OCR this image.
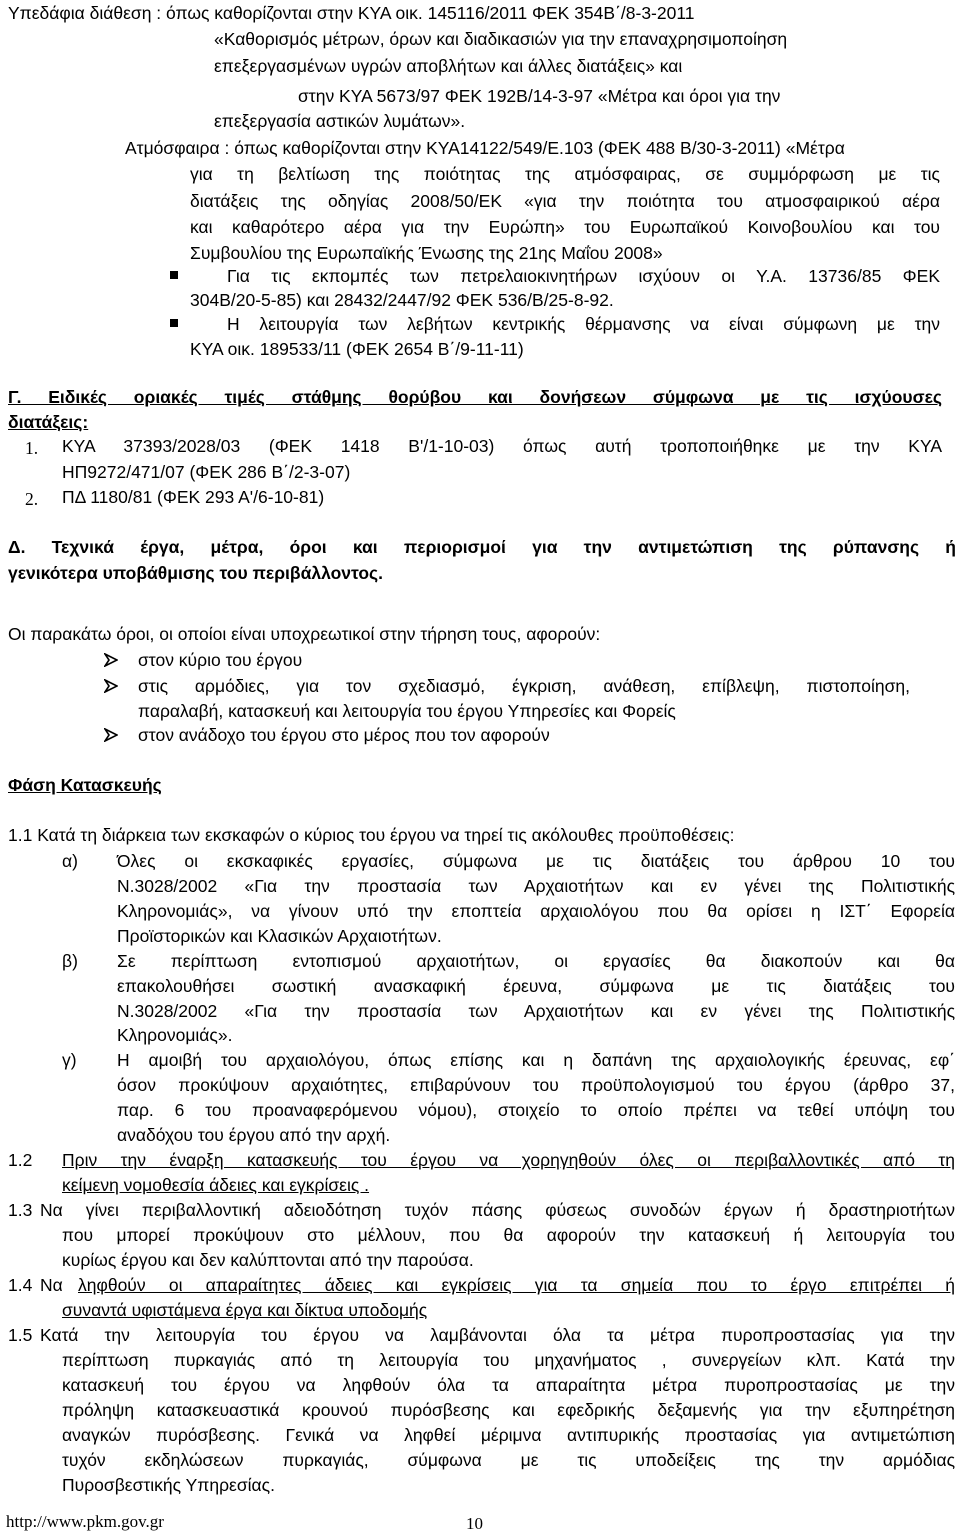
Υπεδάφια διάθεση : όπως καθορίζονται στην ΚΥΑ οικ. 145116/2011 ΦΕΚ 354Β΄/8-3-2011
«Καθορισμός μέτρων, όρων και διαδικασιών για την επαναχρησιμοποίηση
επεξεργασμένων υγρών αποβλήτων και άλλες διατάξεις» και
στην ΚΥΑ 5673/97 ΦΕΚ 192Β/14-3-97 «Μέτρα και όροι για την
επεξεργασία αστικών λυμάτων».
Ατμόσφαιρα : όπως καθορίζονται στην ΚΥΑ14122/549/Ε.103 (ΦΕΚ 488 Β/30-3-2011) «Μέτρα
για τη βελτίωση της ποιότητας της ατμόσφαιρας, σε συμμόρφωση με τις
διατάξεις της οδηγίας 2008/50/ΕΚ «για την ποιότητα του ατμοσφαιρικού αέρα
και καθαρότερο αέρα για την Ευρώπη» του Ευρωπαϊκού Κοινοβουλίου και του
Συμβουλίου της Ευρωπαϊκής Ένωσης της 21ης Μαΐου 2008»
Για τις εκπομπές των πετρελαιοκινητήρων ισχύουν οι Υ.Α. 13736/85 ΦΕΚ
304Β/20-5-85) και 28432/2447/92 ΦΕΚ 536/Β/25-8-92.
Η λειτουργία των λεβήτων κεντρικής θέρμανσης να είναι σύμφωνη με την
ΚΥΑ οικ. 189533/11 (ΦΕΚ 2654 Β΄/9-11-11)
Γ. Ειδικές οριακές τιμές στάθμης θορύβου και δονήσεων σύμφωνα με τις ισχύουσες
διατάξεις:
1. ΚΥΑ 37393/2028/03 (ΦΕΚ 1418 Β'/1-10-03) όπως αυτή τροποποιήθηκε με την ΚΥΑ
ΗΠ9272/471/07 (ΦΕΚ 286 Β΄/2-3-07)
2. ΠΔ 1180/81 (ΦΕΚ 293 Α'/6-10-81)
Δ. Τεχνικά έργα, μέτρα, όροι και περιορισμοί για την αντιμετώπιση της ρύπανσης ή
γενικότερα υποβάθμισης του περιβάλλοντος.
Οι παρακάτω όροι, οι οποίοι είναι υποχρεωτικοί στην τήρηση τους, αφορούν:
στον κύριο του έργου
στις αρμόδιες, για τον σχεδιασμό, έγκριση, ανάθεση, επίβλεψη, πιστοποίηση,
παραλαβή, κατασκευή και λειτουργία του έργου Υπηρεσίες και Φορείς
στον ανάδοχο του έργου στο μέρος που τον αφορούν
Φάση Κατασκευής
1.1 Κατά τη διάρκεια των εκσκαφών ο κύριος του έργου να τηρεί τις ακόλουθες προϋποθέσεις:
α) Όλες οι εκσκαφικές εργασίες, σύμφωνα με τις διατάξεις του άρθρου 10 του
Ν.3028/2002 «Για την προστασία των Αρχαιοτήτων και εν γένει της Πολιτιστικής
Κληρονομιάς», να γίνουν υπό την εποπτεία αρχαιολόγου που θα ορίσει η ΙΣΤ΄ Εφορεία
Προϊστορικών και Κλασικών Αρχαιοτήτων.
β) Σε περίπτωση εντοπισμού αρχαιοτήτων, οι εργασίες θα διακοπούν και θα
επακολουθήσει σωστική ανασκαφική έρευνα, σύμφωνα με τις διατάξεις του
Ν.3028/2002 «Για την προστασία των Αρχαιοτήτων και εν γένει της Πολιτιστικής
Κληρονομιάς».
γ) Η αμοιβή του αρχαιολόγου, όπως επίσης και η δαπάνη της αρχαιολογικής έρευνας, εφ΄
όσον προκύψουν αρχαιότητες, επιβαρύνουν του προϋπολογισμού του έργου (άρθρο 37,
παρ. 6 του προαναφερόμενου νόμου), στοιχείο το οποίο πρέπει να τεθεί υπόψη του
αναδόχου του έργου από την αρχή.
1.2 Πριν την έναρξη κατασκευής του έργου να χορηγηθούν όλες οι περιβαλλοντικές από τη
κείμενη νομοθεσία άδειες και εγκρίσεις .
1.3 Να γίνει περιβαλλοντική αδειοδότηση τυχόν πάσης φύσεως συνοδών έργων ή δραστηριοτήτων
που μπορεί προκύψουν στο μέλλουν, που θα αφορούν την κατασκευή ή λειτουργία του
κυρίως έργου και δεν καλύπτονται από την παρούσα.
1.4 Να ληφθούν οι απαραίτητες άδειες και εγκρίσεις για τα σημεία που το έργο επιτρέπει ή
συναντά υφιστάμενα έργα και δίκτυα υποδομής
1.5 Κατά την λειτουργία του έργου να λαμβάνονται όλα τα μέτρα πυροπροστασίας για την
περίπτωση πυρκαγιάς από τη λειτουργία του μηχανήματος , συνεργείων κλπ. Κατά την
κατασκευή του έργου να ληφθούν όλα τα απαραίτητα μέτρα πυροπροστασίας με την
πρόληψη κατασκευαστικά κρουνού πυρόσβεσης και εφεδρικής δεξαμενής για την εξυπηρέτηση
αναγκών πυρόσβεσης. Γενικά να ληφθεί μέριμνα αντιπυρικής προστασίας για αντιμετώπιση
τυχόν εκδηλώσεων πυρκαγιάς, σύμφωνα με τις υποδείξεις της την αρμόδιας
Πυροσβεστικής Υπηρεσίας.
http://www.pkm.gov.gr	10
